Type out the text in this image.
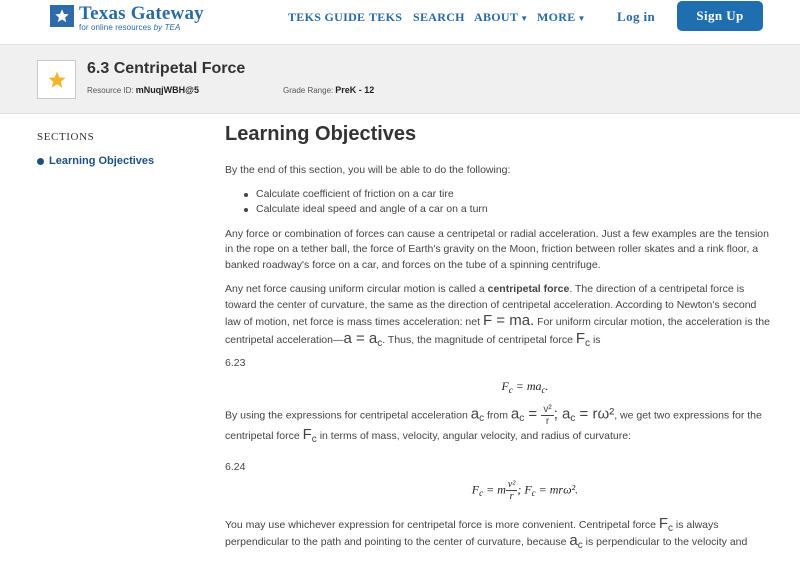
Texas Gateway
for online resources by TEA
TEKS GUIDE TEKS SEARCH ABOUT ▼ MORE ▼ Log in	Sign Up
6.3 Centripetal Force
Resource ID: mNuqjWBH@5	Grade Range: PreK - 12
SECTIONS
Learning Objectives
Learning Objectives
By the end of this section, you will be able to do the following:
Calculate coefficient of friction on a car tire
Calculate ideal speed and angle of a car on a turn
Any force or combination of forces can cause a centripetal or radial acceleration. Just a few examples are the tension in the rope on a tether ball, the force of Earth's gravity on the Moon, friction between roller skates and a rink floor, a banked roadway's force on a car, and forces on the tube of a spinning centrifuge.
Any net force causing uniform circular motion is called a centripetal force. The direction of a centripetal force is toward the center of curvature, the same as the direction of centripetal acceleration. According to Newton's second law of motion, net force is mass times acceleration: net F = ma. For uniform circular motion, the acceleration is the centripetal acceleration—a = ac. Thus, the magnitude of centripetal force Fc is
6.23
$F_c = ma_c$.
By using the expressions for centripetal acceleration ac from ac = $\frac{\text{v²}}{r}$ ; ac = rω², we get two expressions for the centripetal force Fc in terms of mass, velocity, angular velocity, and radius of curvature:
6.24
$F_c = m \frac{\text{v²}}{r}$ ; $F_c = mr\omega^2$.
You may use whichever expression for centripetal force is more convenient. Centripetal force Fc is always perpendicular to the path and pointing to the center of curvature, because ac is perpendicular to the velocity and
